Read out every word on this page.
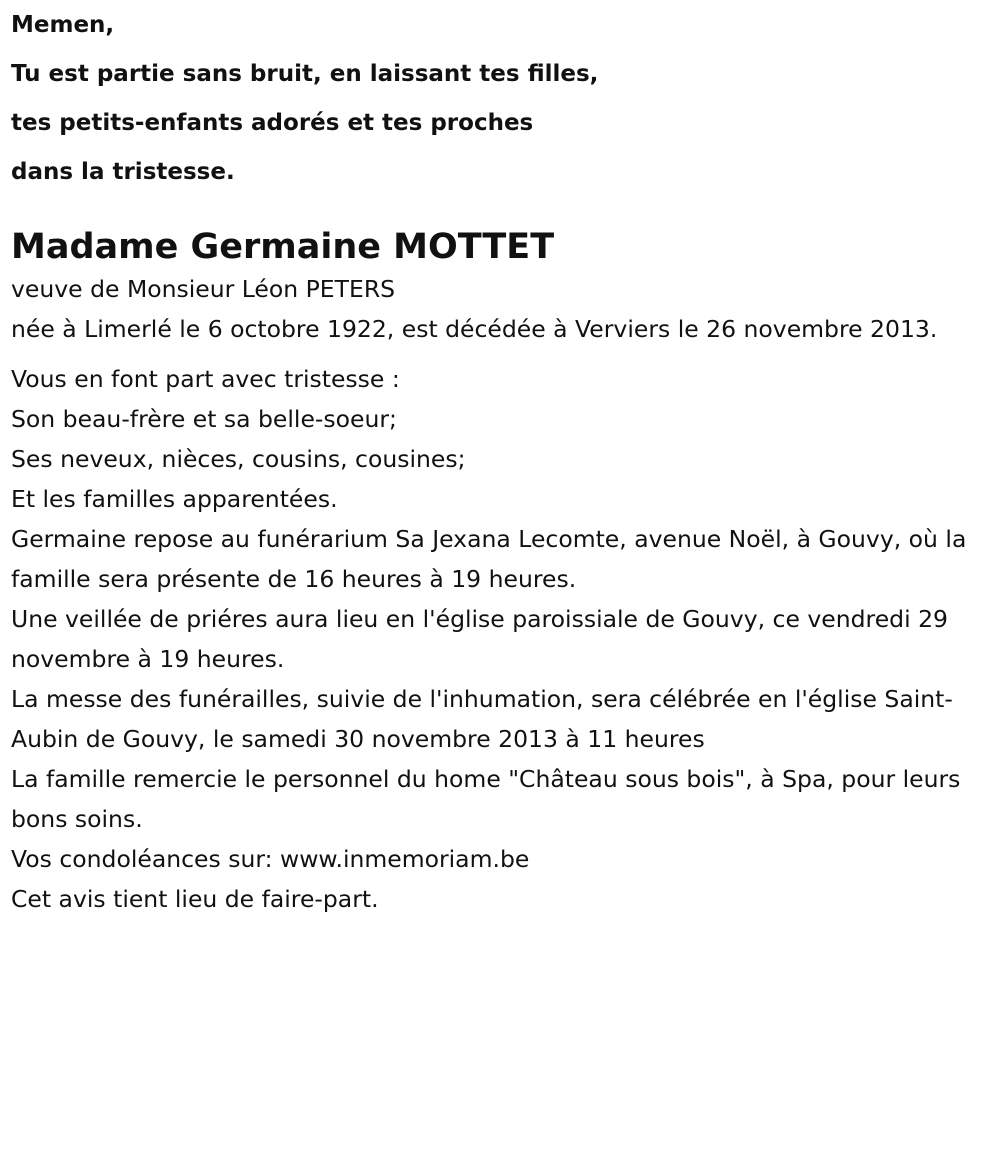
Memen,

Tu est partie sans bruit, en laissant tes filles,

tes petits-enfants adorés et tes proches

dans la tristesse.

Madame Germaine MOTTET

veuve de Monsieur Léon PETERS

née à Limerlé le 6 octobre 1922, est décédée à Verviers le 26 novembre 2013.

Vous en font part avec tristesse :

Son beau-frère et sa belle-soeur;

Ses neveux, nièces, cousins, cousines;

Et les familles apparentées.

Germaine repose au funérarium Sa Jexana Lecomte, avenue Noël, à Gouvy, où la famille sera présente de 16 heures à 19 heures.

Une veillée de priéres aura lieu en l'église paroissiale de Gouvy, ce vendredi 29 novembre à 19 heures.

La messe des funérailles, suivie de l'inhumation, sera célébrée en l'église Saint-Aubin de Gouvy, le samedi 30 novembre 2013 à 11 heures

La famille remercie le personnel du home "Château sous bois", à Spa, pour leurs bons soins.

Vos condoléances sur: www.inmemoriam.be

Cet avis tient lieu de faire-part.
